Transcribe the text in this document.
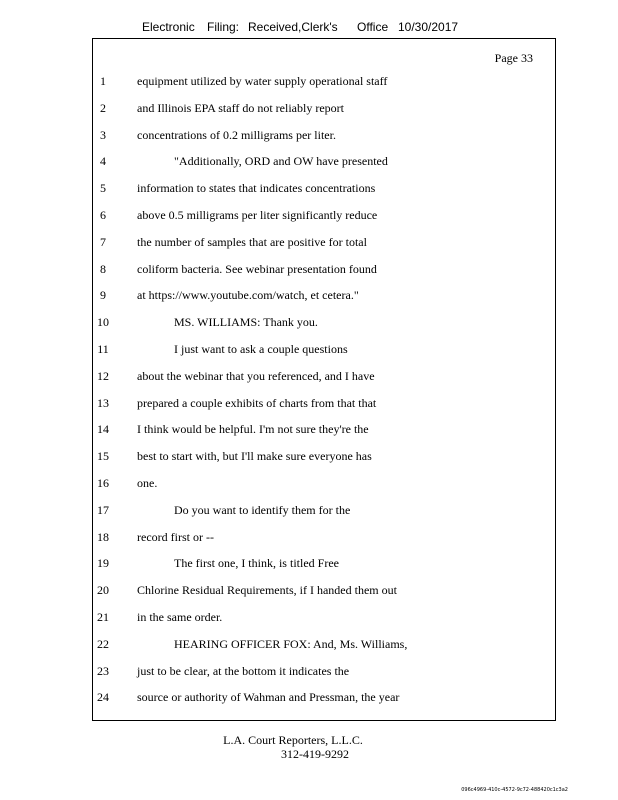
Electronic Filing: Received,Clerk's Office 10/30/2017
Page 33
1	equipment utilized by water supply operational staff
2	and Illinois EPA staff do not reliably report
3	concentrations of 0.2 milligrams per liter.
4	"Additionally, ORD and OW have presented
5	information to states that indicates concentrations
6	above 0.5 milligrams per liter significantly reduce
7	the number of samples that are positive for total
8	coliform bacteria. See webinar presentation found
9	at https://www.youtube.com/watch, et cetera."
10	MS. WILLIAMS: Thank you.
11	I just want to ask a couple questions
12	about the webinar that you referenced, and I have
13	prepared a couple exhibits of charts from that that
14	I think would be helpful. I'm not sure they're the
15	best to start with, but I'll make sure everyone has
16	one.
17	Do you want to identify them for the
18	record first or --
19	The first one, I think, is titled Free
20	Chlorine Residual Requirements, if I handed them out
21	in the same order.
22	HEARING OFFICER FOX: And, Ms. Williams,
23	just to be clear, at the bottom it indicates the
24	source or authority of Wahman and Pressman, the year
L.A. Court Reporters, L.L.C.
312-419-9292
096c4969-410c-4572-9c72-488420c1c3a2
